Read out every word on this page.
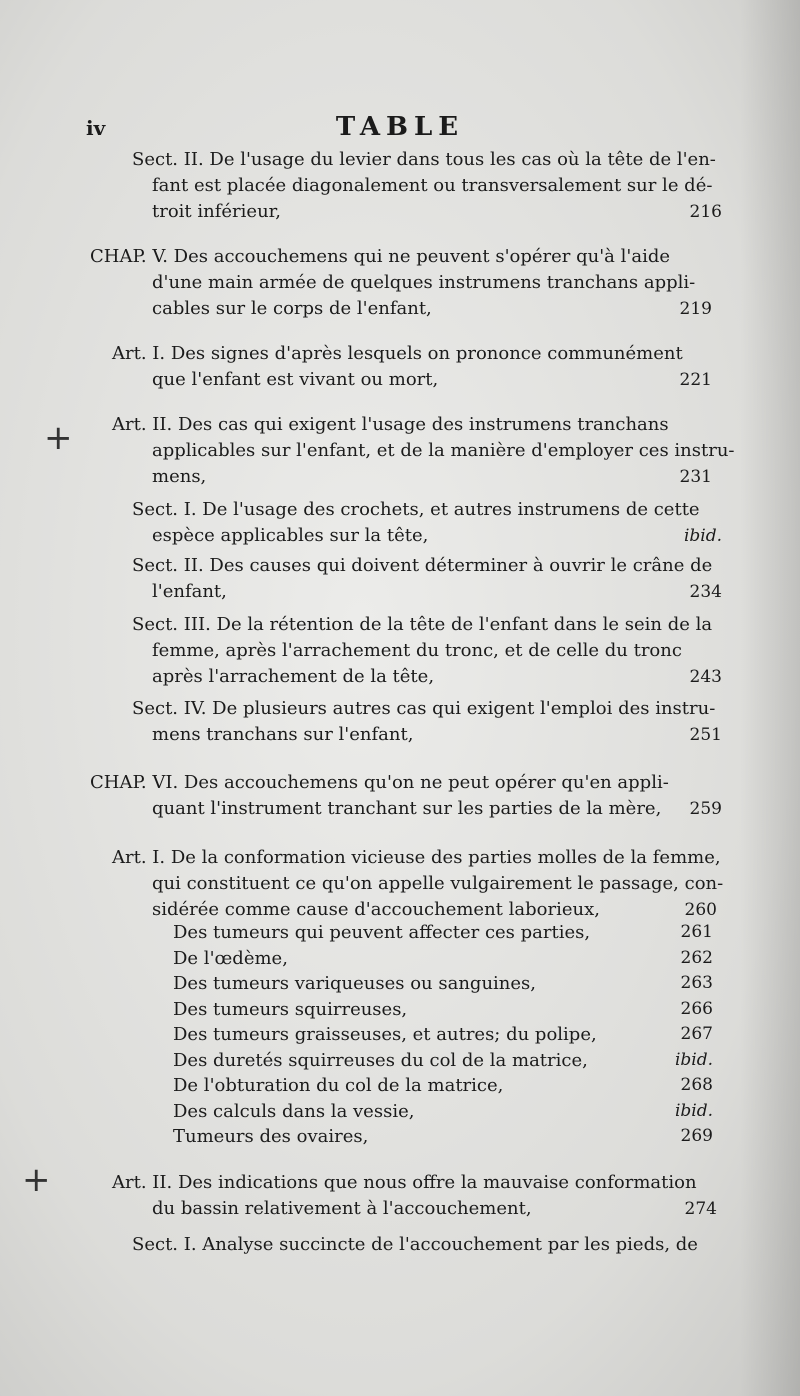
iv	TABLE
Sect. II. De l'usage du levier dans tous les cas où la tête de l'en-
fant est placée diagonalement ou transversalement sur le dé-
troit inférieur,	216
CHAP. V. Des accouchemens qui ne peuvent s'opérer qu'à l'aide
d'une main armée de quelques instrumens tranchans appli-
cables sur le corps de l'enfant,	219
Art. I. Des signes d'après lesquels on prononce communément
que l'enfant est vivant ou mort,	221
Art. II. Des cas qui exigent l'usage des instrumens tranchans
applicables sur l'enfant, et de la manière d'employer ces instru-
mens,	231
Sect. I. De l'usage des crochets, et autres instrumens de cette
espèce applicables sur la tête,	ibid.
Sect. II. Des causes qui doivent déterminer à ouvrir le crâne de
l'enfant,	234
Sect. III. De la rétention de la tête de l'enfant dans le sein de la
femme, après l'arrachement du tronc, et de celle du tronc
après l'arrachement de la tête,	243
Sect. IV. De plusieurs autres cas qui exigent l'emploi des instru-
mens tranchans sur l'enfant,	251
CHAP. VI. Des accouchemens qu'on ne peut opérer qu'en appli-
quant l'instrument tranchant sur les parties de la mère,	259
Art. I. De la conformation vicieuse des parties molles de la femme,
qui constituent ce qu'on appelle vulgairement le passage, con-
sidérée comme cause d'accouchement laborieux,	260
Des tumeurs qui peuvent affecter ces parties,	261
De l'œdème,	262
Des tumeurs variqueuses ou sanguines,	263
Des tumeurs squirreuses,	266
Des tumeurs graisseuses, et autres; du polipe,	267
Des duretés squirreuses du col de la matrice,	ibid.
De l'obturation du col de la matrice,	268
Des calculs dans la vessie,	ibid.
Tumeurs des ovaires,	269
Art. II. Des indications que nous offre la mauvaise conformation
du bassin relativement à l'accouchement,	274
Sect. I. Analyse succincte de l'accouchement par les pieds, de
+
+
